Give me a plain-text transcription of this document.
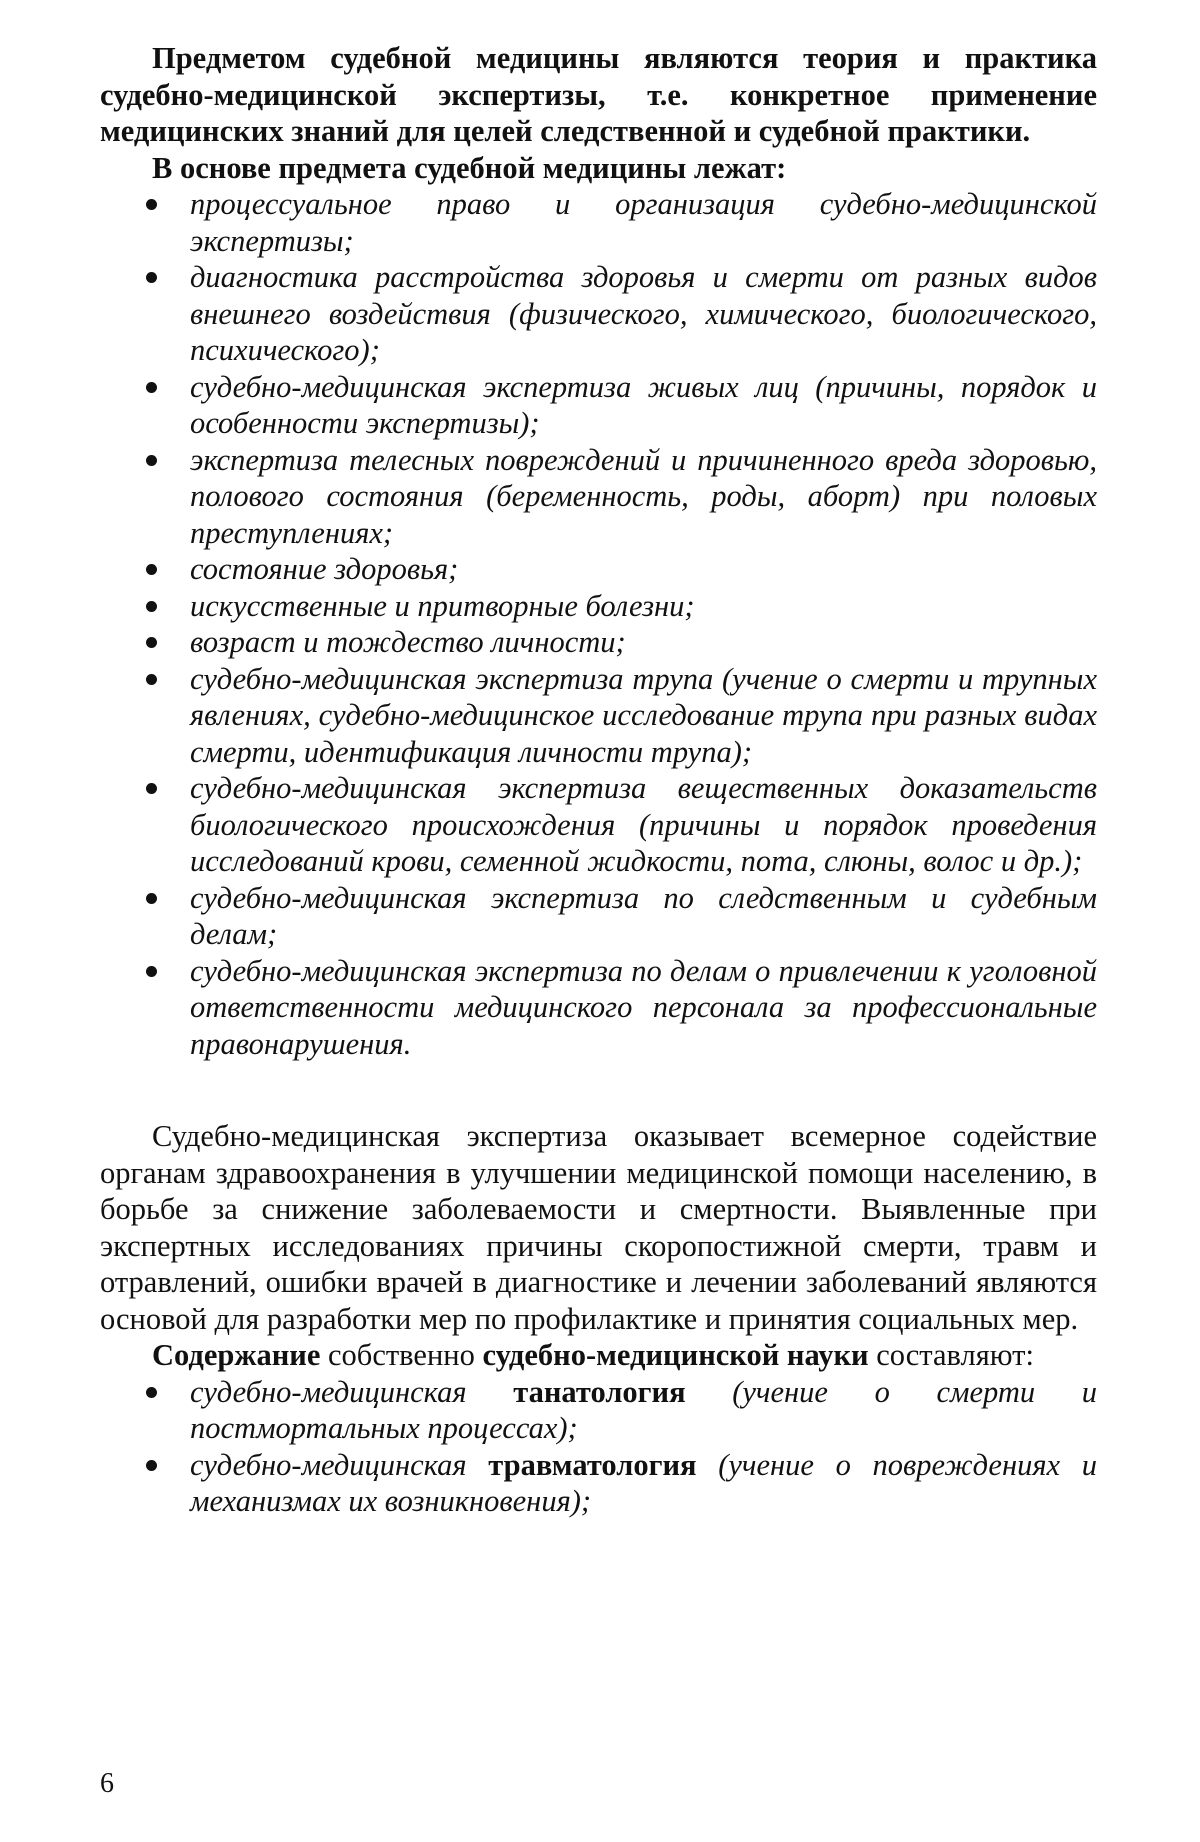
Предметом судебной медицины являются теория и практика судебно-медицинской экспертизы, т.е. конкретное применение медицинских знаний для целей следственной и судебной практики.

В основе предмета судебной медицины лежат:

процессуальное право и организация судебно-медицинской экспертизы;
диагностика расстройства здоровья и смерти от разных видов внешнего воздействия (физического, химического, биологического, психического);
судебно-медицинская экспертиза живых лиц (причины, порядок и особенности экспертизы);
экспертиза телесных повреждений и причиненного вреда здоровью, полового состояния (беременность, роды, аборт) при половых преступлениях;
состояние здоровья;
искусственные и притворные болезни;
возраст и тождество личности;
судебно-медицинская экспертиза трупа (учение о смерти и трупных явлениях, судебно-медицинское исследование трупа при разных видах смерти, идентификация личности трупа);
судебно-медицинская экспертиза вещественных доказательств биологического происхождения (причины и порядок проведения исследований крови, семенной жидкости, пота, слюны, волос и др.);
судебно-медицинская экспертиза по следственным и судебным делам;
судебно-медицинская экспертиза по делам о привлечении к уголовной ответственности медицинского персонала за профессиональные правонарушения.

Судебно-медицинская экспертиза оказывает всемерное содействие органам здравоохранения в улучшении медицинской помощи населению, в борьбе за снижение заболеваемости и смертности. Выявленные при экспертных исследованиях причины скоропостижной смерти, травм и отравлений, ошибки врачей в диагностике и лечении заболеваний являются основой для разработки мер по профилактике и принятия социальных мер.

Содержание собственно судебно-медицинской науки составляют:

судебно-медицинская танатология (учение о смерти и постмортальных процессах);
судебно-медицинская травматология (учение о повреждениях и механизмах их возникновения);
6
